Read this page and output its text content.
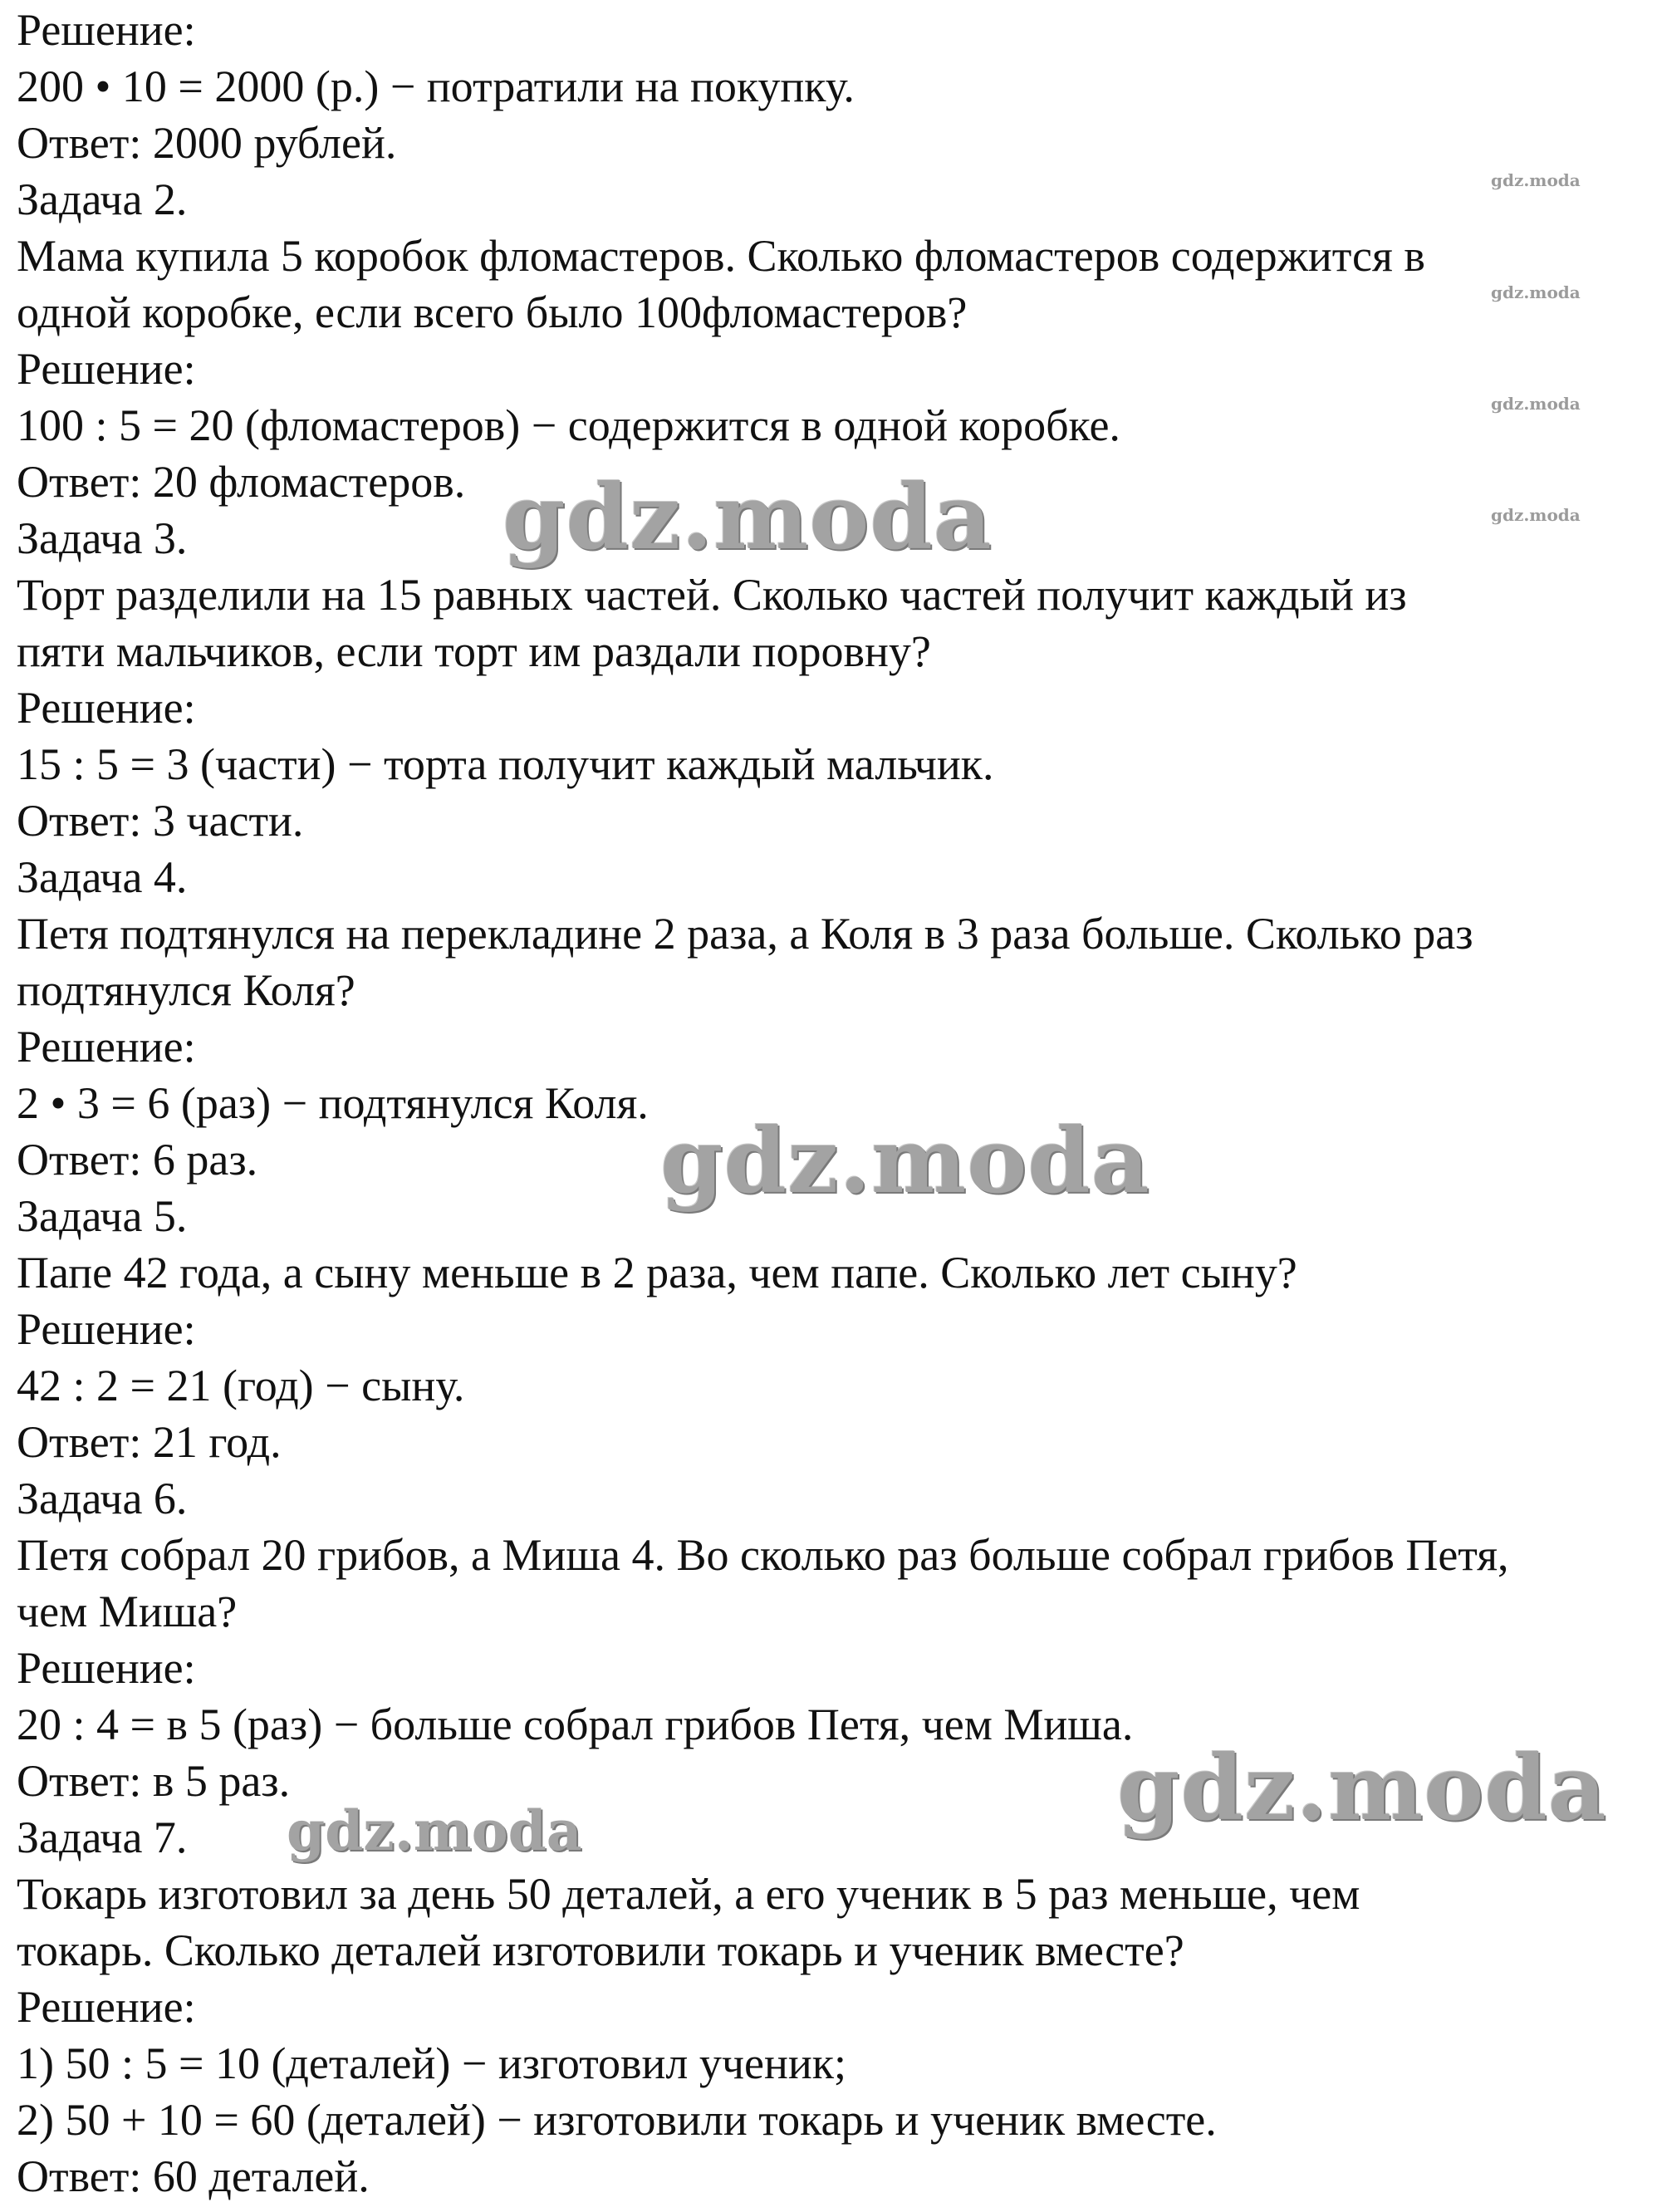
Решение:
200 • 10 = 2000 (р.) − потратили на покупку.
Ответ: 2000 рублей.
Задача 2.
Мама купила 5 коробок фломастеров. Сколько фломастеров содержится в
одной коробке, если всего было 100фломастеров?
Решение:
100 : 5 = 20 (фломастеров) − содержится в одной коробке.
Ответ: 20 фломастеров.
Задача 3.
Торт разделили на 15 равных частей. Сколько частей получит каждый из
пяти мальчиков, если торт им раздали поровну?
Решение:
15 : 5 = 3 (части) − торта получит каждый мальчик.
Ответ: 3 части.
Задача 4.
Петя подтянулся на перекладине 2 раза, а Коля в 3 раза больше. Сколько раз
подтянулся Коля?
Решение:
2 • 3 = 6 (раз) − подтянулся Коля.
Ответ: 6 раз.
Задача 5.
Папе 42 года, а сыну меньше в 2 раза, чем папе. Сколько лет сыну?
Решение:
42 : 2 = 21 (год) − сыну.
Ответ: 21 год.
Задача 6.
Петя собрал 20 грибов, а Миша 4. Во сколько раз больше собрал грибов Петя,
чем Миша?
Решение:
20 : 4 = в 5 (раз) − больше собрал грибов Петя, чем Миша.
Ответ: в 5 раз.
Задача 7.
Токарь изготовил за день 50 деталей, а его ученик в 5 раз меньше, чем
токарь. Сколько деталей изготовили токарь и ученик вместе?
Решение:
1) 50 : 5 = 10 (деталей) − изготовил ученик;
2) 50 + 10 = 60 (деталей) − изготовили токарь и ученик вместе.
Ответ: 60 деталей.
gdz.moda
gdz.moda
gdz.moda
gdz.moda
gdz.moda
gdz.moda
gdz.moda
gdz.moda
